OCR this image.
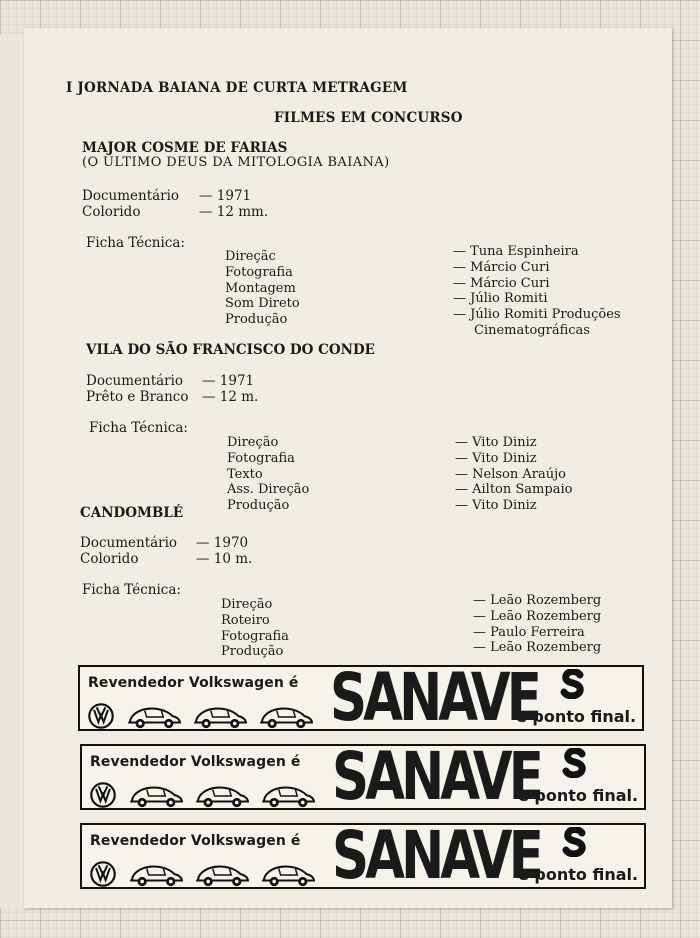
I JORNADA BAIANA DE CURTA METRAGEM
FILMES EM CONCURSO
MAJOR COSME DE FARIAS
(O ÚLTIMO DEUS DA MITOLOGIA BAIANA)
Documentário — 1971
Colorido	— 12 mm.
Ficha Técnica:
Direçãc
Fotografia
Montagem
Som Direto
Produção
— Tuna Espinheira
— Márcio Curi
— Márcio Curi
— Júlio Romiti
— Júlio Romiti Produções
Cinematográficas
VILA DO SÃO FRANCISCO DO CONDE
Documentário — 1971
Prêto e Branco — 12 m.
Ficha Técnica:
Direção
Fotografia
Texto
Ass. Direção
Produção
— Vito Diniz
— Vito Diniz
— Nelson Araújo
— Ailton Sampaio
— Vito Diniz
CANDOMBLÉ
Documentário — 1970
Colorido	— 10 m.
Ficha Técnica:
Direção
Roteiro
Fotografia
Produção
— Leão Rozemberg
— Leão Rozemberg
— Paulo Ferreira
— Leão Rozemberg
Revendedor Volkswagen é SANAVE
e ponto final.
Revendedor Volkswagen é SANAVE
e ponto final.
Revendedor Volkswagen é SANAVE
e ponto final.
